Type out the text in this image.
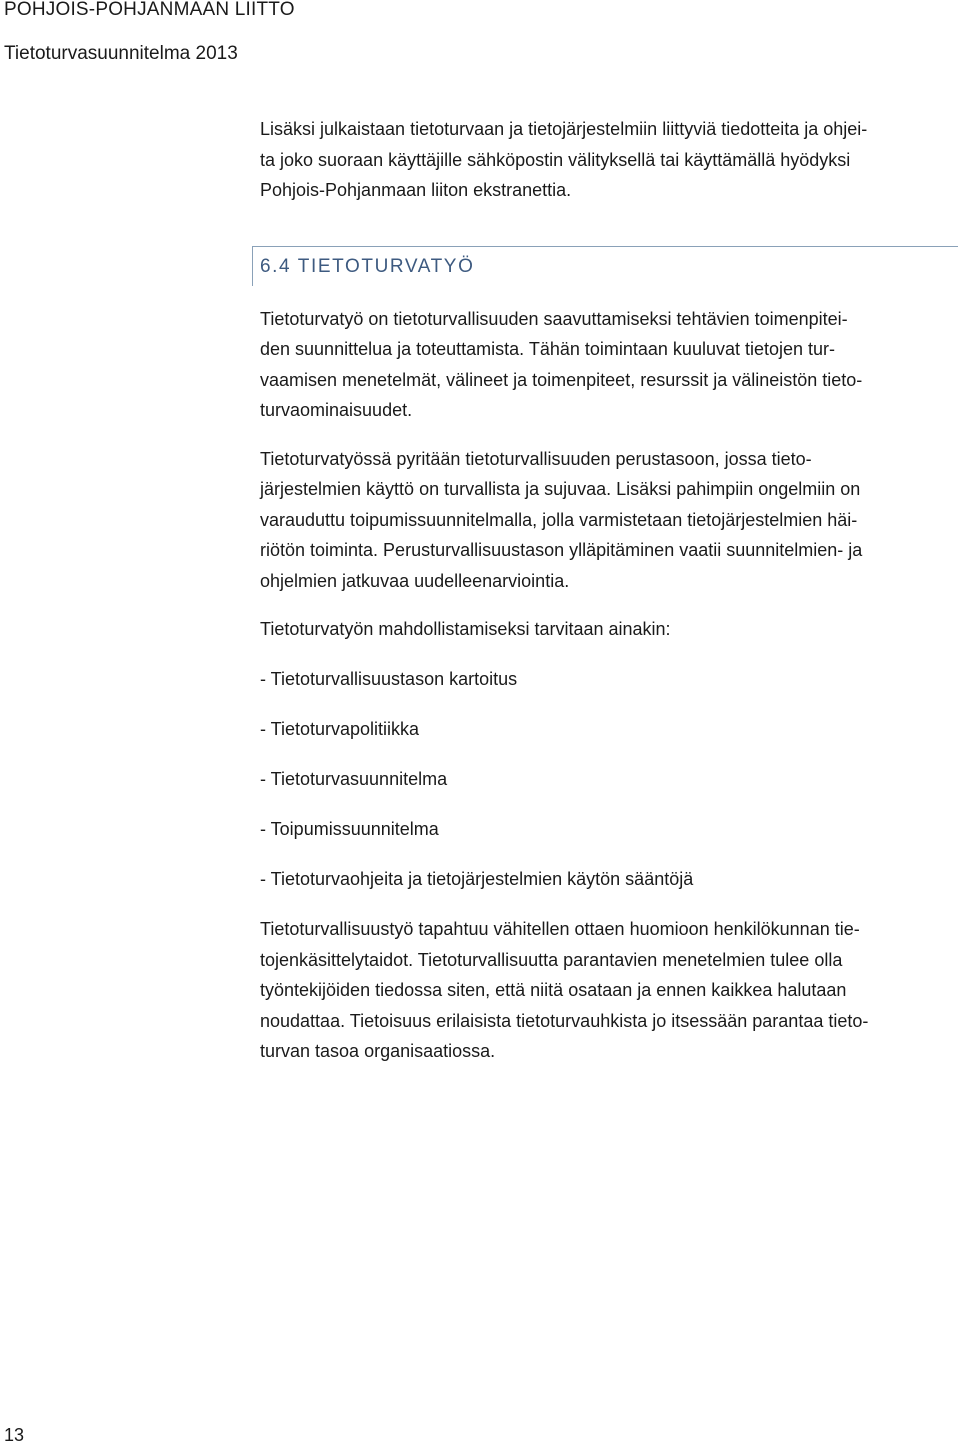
POHJOIS-POHJANMAAN LIITTO
Tietoturvasuunnitelma 2013

Lisäksi julkaistaan tietoturvaan ja tietojärjestelmiin liittyviä tiedotteita ja ohjei-
ta joko suoraan käyttäjille sähköpostin välityksellä tai käyttämällä hyödyksi
Pohjois-Pohjanmaan liiton ekstranettia.

6.4 TIETOTURVATYÖ

Tietoturvatyö on tietoturvallisuuden saavuttamiseksi tehtävien toimenpitei-
den suunnittelua ja toteuttamista. Tähän toimintaan kuuluvat tietojen tur-
vaamisen menetelmät, välineet ja toimenpiteet, resurssit ja välineistön tieto-
turvaominaisuudet.

Tietoturvatyössä pyritään tietoturvallisuuden perustasoon, jossa tieto-
järjestelmien käyttö on turvallista ja sujuvaa. Lisäksi pahimpiin ongelmiin on
varauduttu toipumissuunnitelmalla, jolla varmistetaan tietojärjestelmien häi-
riötön toiminta. Perusturvallisuustason ylläpitäminen vaatii suunnitelmien- ja
ohjelmien jatkuvaa uudelleenarviointia.

Tietoturvatyön mahdollistamiseksi tarvitaan ainakin:

- Tietoturvallisuustason kartoitus

- Tietoturvapolitiikka

- Tietoturvasuunnitelma

- Toipumissuunnitelma

- Tietoturvaohjeita ja tietojärjestelmien käytön sääntöjä

Tietoturvallisuustyö tapahtuu vähitellen ottaen huomioon henkilökunnan tie-
tojenkäsittelytaidot. Tietoturvallisuutta parantavien menetelmien tulee olla
työntekijöiden tiedossa siten, että niitä osataan ja ennen kaikkea halutaan
noudattaa. Tietoisuus erilaisista tietoturvauhkista jo itsessään parantaa tieto-
turvan tasoa organisaatiossa.

13
